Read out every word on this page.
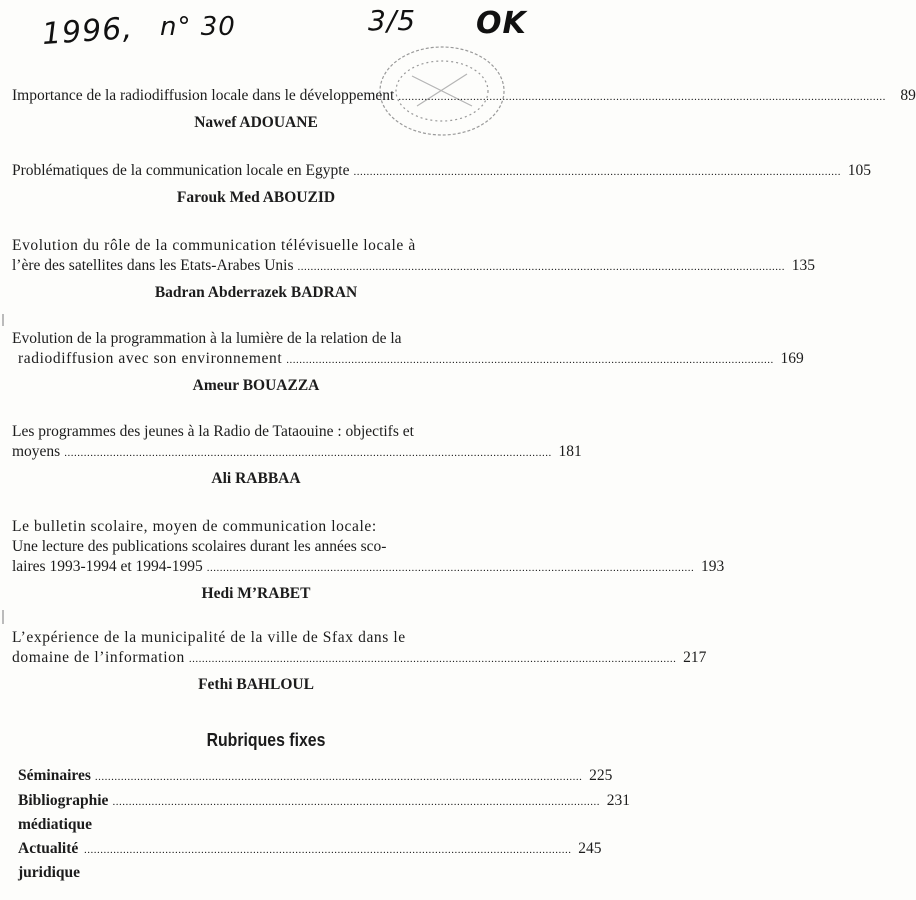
1996, n° 30	3/5 OK
Importance de la radiodiffusion locale dans le développement ...................................................................................................................................................... 89
Nawef ADOUANE
Problématiques de la communication locale en Egypte ...................................................................................................................................................... 105
Farouk Med ABOUZID
Evolution du rôle de la communication télévisuelle locale à
l’ère des satellites dans les Etats-Arabes Unis ...................................................................................................................................................... 135
Badran Abderrazek BADRAN
Evolution de la programmation à la lumière de la relation de la
radiodiffusion avec son environnement ...................................................................................................................................................... 169
Ameur BOUAZZA
Les programmes des jeunes à la Radio de Tataouine : objectifs et
moyens ...................................................................................................................................................... 181
Ali RABBAA
Le bulletin scolaire, moyen de communication locale:
Une lecture des publications scolaires durant les années sco-
laires 1993-1994 et 1994-1995 ...................................................................................................................................................... 193
Hedi M’RABET
L’expérience de la municipalité de la ville de Sfax dans le
domaine de l’information ...................................................................................................................................................... 217
Fethi BAHLOUL
Rubriques fixes
Séminaires ...................................................................................................................................................... 225
Bibliographie médiatique
...................................................................................................................................................... 231
Actualité juridique
...................................................................................................................................................... 245
